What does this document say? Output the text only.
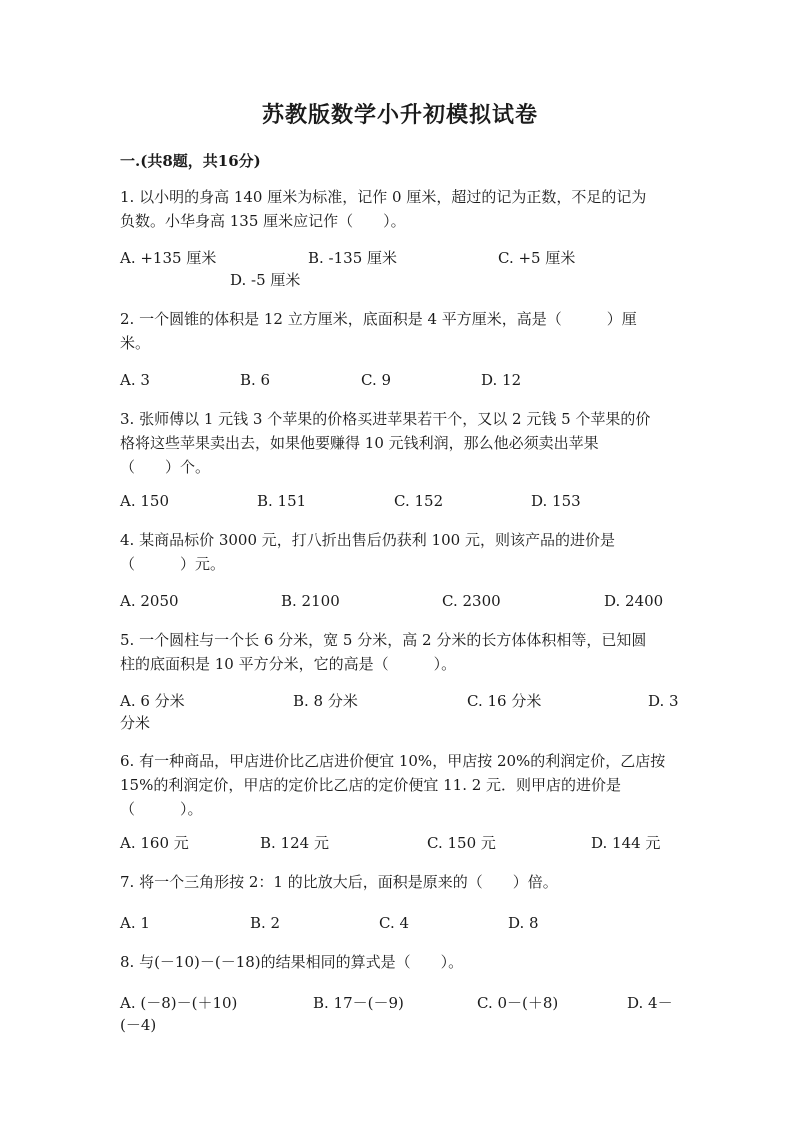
苏教版数学小升初模拟试卷
一.(共8题，共16分)
1. 以小明的身高 140 厘米为标准，记作 0 厘米，超过的记为正数，不足的记为
负数。小华身高 135 厘米应记作（　　）。
A. +135 厘米	B. -135 厘米	C. +5 厘米
D. -5 厘米
2. 一个圆锥的体积是 12 立方厘米，底面积是 4 平方厘米，高是（　　　）厘
米。
A. 3	B. 6	C. 9	D. 12
3. 张师傅以 1 元钱 3 个苹果的价格买进苹果若干个，又以 2 元钱 5 个苹果的价
格将这些苹果卖出去，如果他要赚得 10 元钱利润，那么他必须卖出苹果
（　　）个。
A. 150	B. 151	C. 152	D. 153
4. 某商品标价 3000 元，打八折出售后仍获利 100 元，则该产品的进价是
（　　　）元。
A. 2050	B. 2100	C. 2300	D. 2400
5. 一个圆柱与一个长 6 分米，宽 5 分米，高 2 分米的长方体体积相等，已知圆
柱的底面积是 10 平方分米，它的高是（　　　）。
A. 6 分米	B. 8 分米	C. 16 分米	D. 3
分米
6. 有一种商品，甲店进价比乙店进价便宜 10%，甲店按 20%的利润定价，乙店按
15%的利润定价，甲店的定价比乙店的定价便宜 11. 2 元．则甲店的进价是
（　　　）。
A. 160 元	B. 124 元	C. 150 元	D. 144 元
7. 将一个三角形按 2：1 的比放大后，面积是原来的（　　）倍。
A. 1	B. 2	C. 4	D. 8
8. 与(－10)－(－18)的结果相同的算式是（　　）。
A. (－8)－(＋10)	B. 17－(－9)	C. 0－(＋8)	D. 4－
(－4)
